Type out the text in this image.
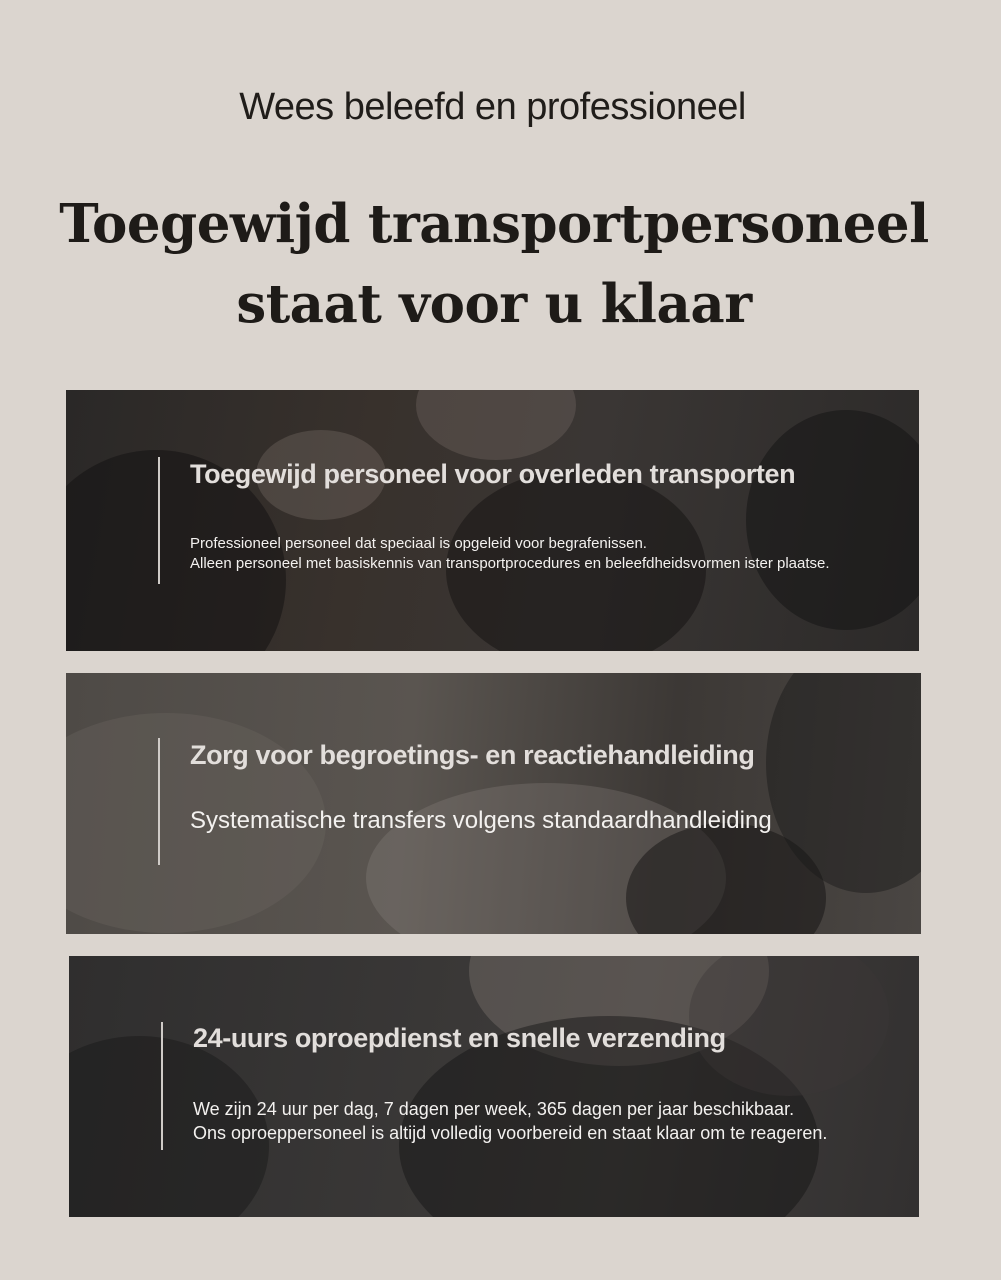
Wees beleefd en professioneel
Toegewijd transportpersoneel
staat voor u klaar
Toegewijd personeel voor overleden transporten

Professioneel personeel dat speciaal is opgeleid voor begrafenissen.
Alleen personeel met basiskennis van transportprocedures en beleefdheidsvormen ister plaatse.

Zorg voor begroetings- en reactiehandleiding

Systematische transfers volgens standaardhandleiding

24-uurs oproepdienst en snelle verzending

We zijn 24 uur per dag, 7 dagen per week, 365 dagen per jaar beschikbaar.
Ons oproeppersoneel is altijd volledig voorbereid en staat klaar om te reageren.
